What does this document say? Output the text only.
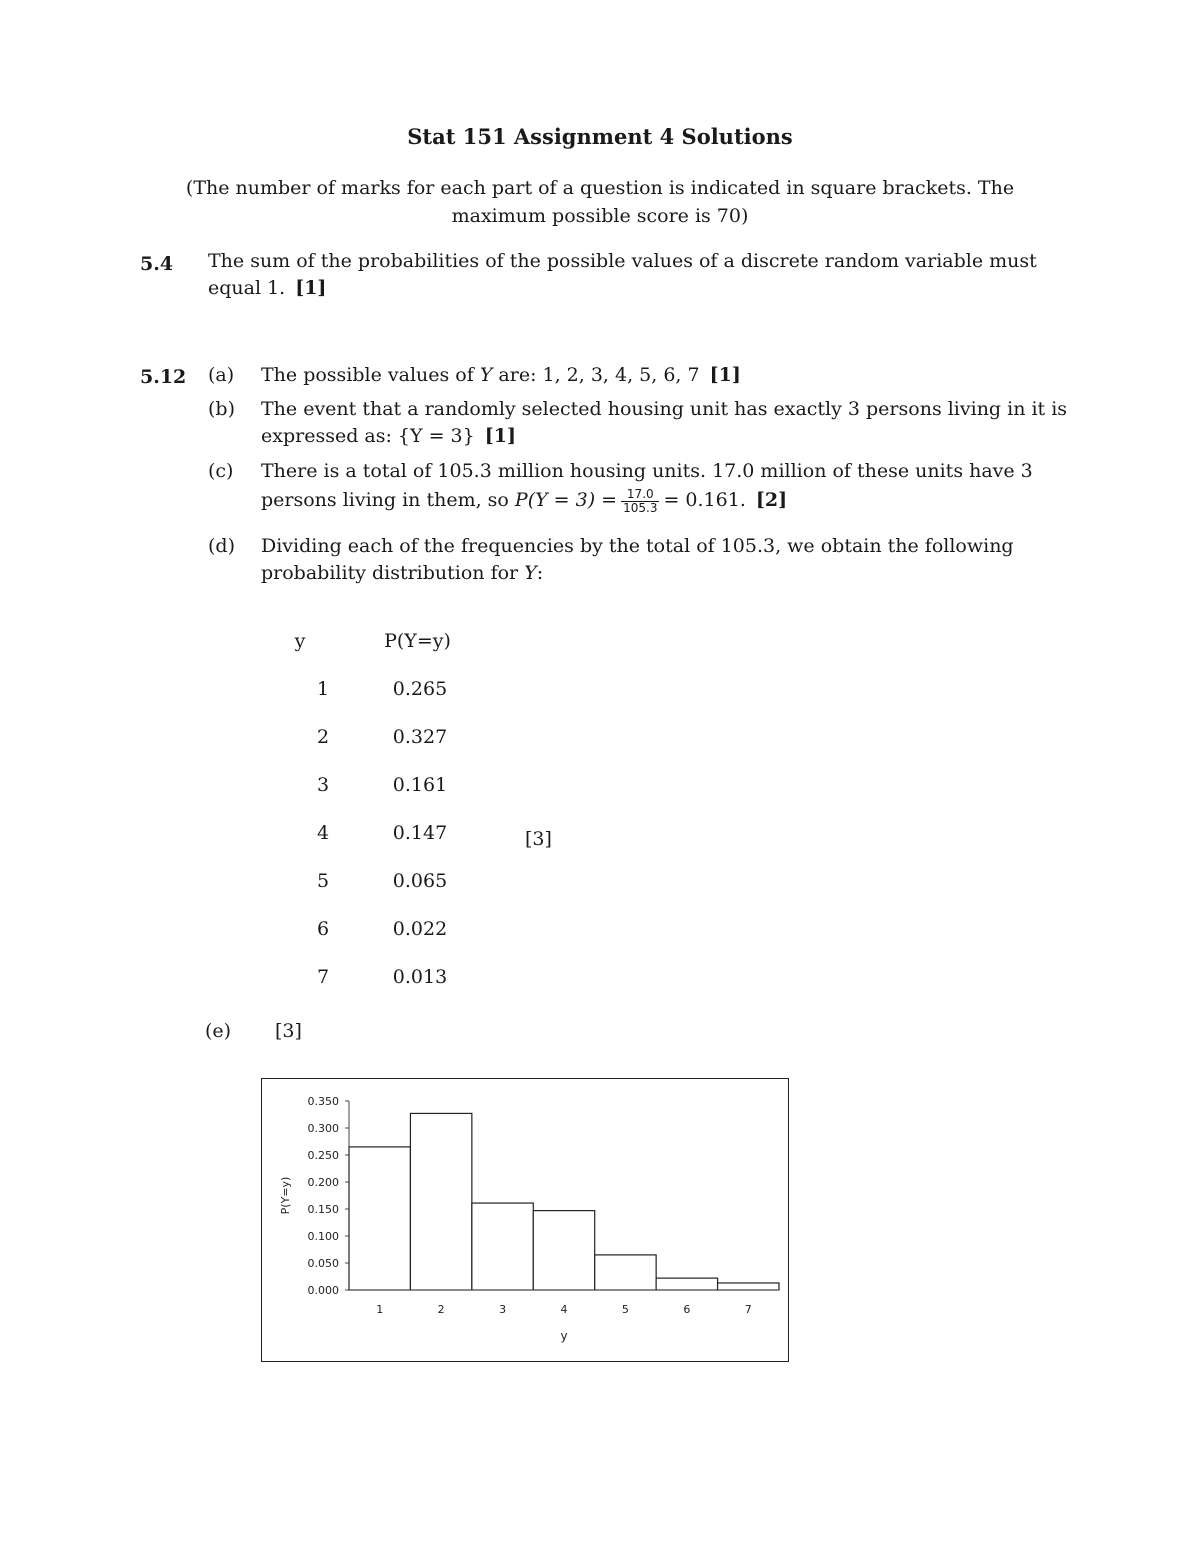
Stat 151 Assignment 4 Solutions
(The number of marks for each part of a question is indicated in square brackets. The maximum possible score is 70)
5.4 The sum of the probabilities of the possible values of a discrete random variable must
equal 1. [1]
5.12 (a) The possible values of Y are: 1, 2, 3, 4, 5, 6, 7 [1]
(b) The event that a randomly selected housing unit has exactly 3 persons living in it is
expressed as: {Y = 3} [1]
(c) There is a total of 105.3 million housing units. 17.0 million of these units have 3
persons living in them, so $P(Y = 3) = \frac{17.0}{105.3} = 0.161$. [2]
(d) Dividing each of the frequencies by the total of 105.3, we obtain the following
probability distribution for Y:
y	P(Y=y)
1	0.265
2	0.327
3	0.161
4	0.147
5	0.065
6	0.022
7	0.013
[3]
(e) [3]
0.000
0.050
0.100
0.150
0.200
0.250
0.300
0.350
1	2	3	4	5	6	7
y
P(Y=y)
